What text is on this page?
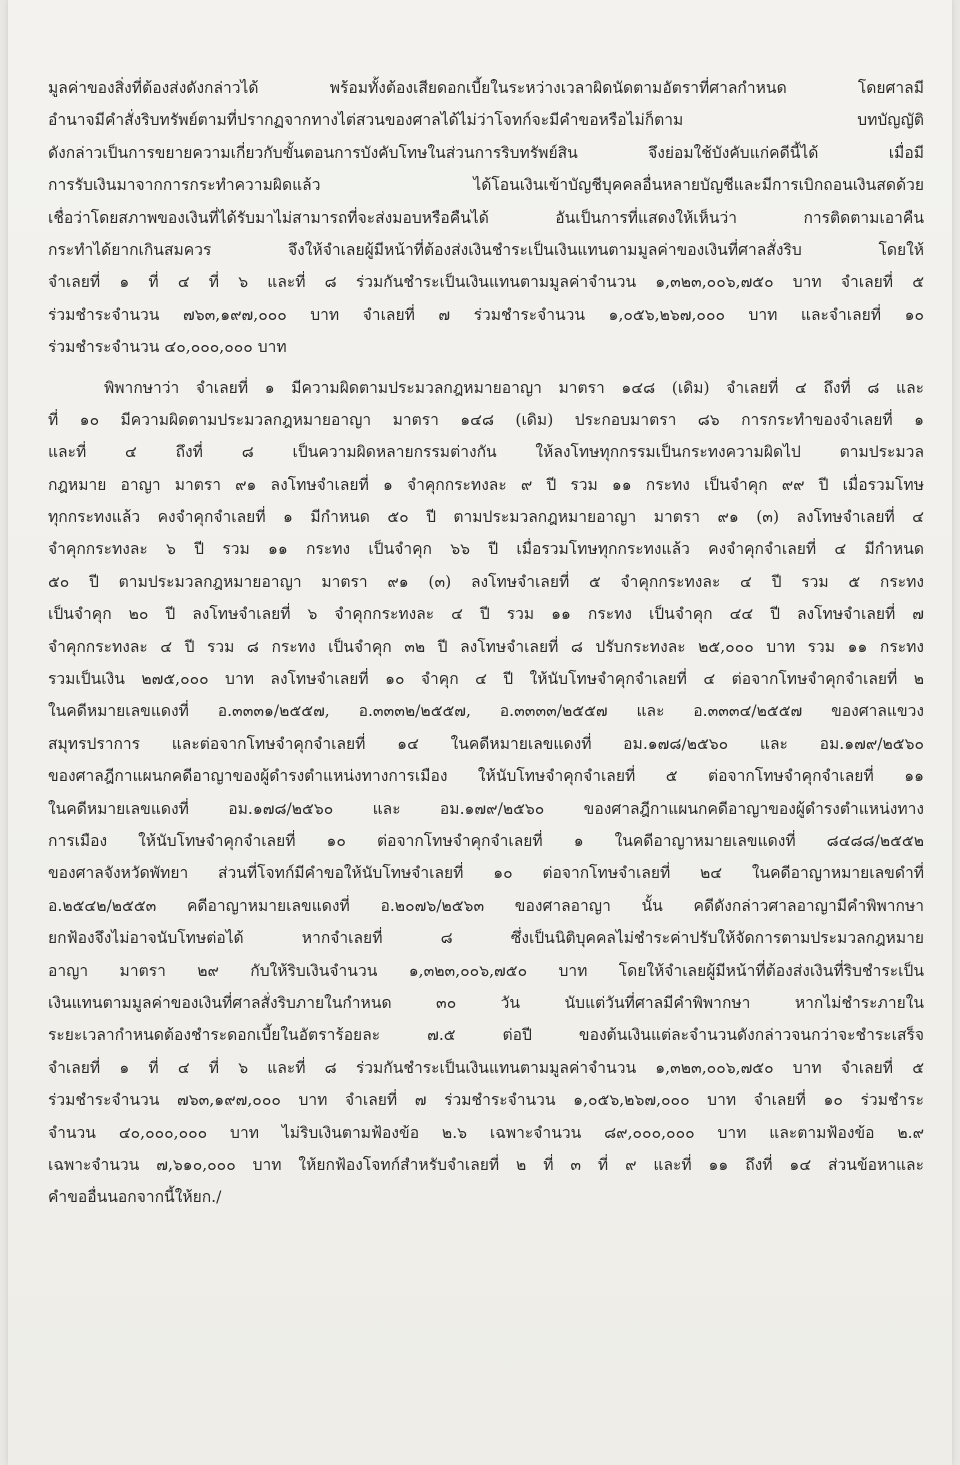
มูลค่าของสิ่งที่ต้องส่งดังกล่าวได้ พร้อมทั้งต้องเสียดอกเบี้ยในระหว่างเวลาผิดนัดตามอัตราที่ศาลกำหนด โดยศาลมี
อำนาจมีคำสั่งริบทรัพย์ตามที่ปรากฏจากทางไต่สวนของศาลได้ไม่ว่าโจทก์จะมีคำขอหรือไม่ก็ตาม บทบัญญัติ
ดังกล่าวเป็นการขยายความเกี่ยวกับขั้นตอนการบังคับโทษในส่วนการริบทรัพย์สิน จึงย่อมใช้บังคับแก่คดีนี้ได้ เมื่อมี
การรับเงินมาจากการกระทำความผิดแล้ว ได้โอนเงินเข้าบัญชีบุคคลอื่นหลายบัญชีและมีการเบิกถอนเงินสดด้วย
เชื่อว่าโดยสภาพของเงินที่ได้รับมาไม่สามารถที่จะส่งมอบหรือคืนได้ อันเป็นการที่แสดงให้เห็นว่า การติดตามเอาคืน
กระทำได้ยากเกินสมควร จึงให้จำเลยผู้มีหน้าที่ต้องส่งเงินชำระเป็นเงินแทนตามมูลค่าของเงินที่ศาลสั่งริบ โดยให้
จำเลยที่ ๑ ที่ ๔ ที่ ๖ และที่ ๘ ร่วมกันชำระเป็นเงินแทนตามมูลค่าจำนวน ๑,๓๒๓,๐๐๖,๗๕๐ บาท จำเลยที่ ๕
ร่วมชำระจำนวน ๗๖๓,๑๙๗,๐๐๐ บาท จำเลยที่ ๗ ร่วมชำระจำนวน ๑,๐๕๖,๒๖๗,๐๐๐ บาท และจำเลยที่ ๑๐
ร่วมชำระจำนวน ๔๐,๐๐๐,๐๐๐ บาท
พิพากษาว่า จำเลยที่ ๑ มีความผิดตามประมวลกฎหมายอาญา มาตรา ๑๔๘ (เดิม) จำเลยที่ ๔ ถึงที่ ๘ และ
ที่ ๑๐ มีความผิดตามประมวลกฎหมายอาญา มาตรา ๑๔๘ (เดิม) ประกอบมาตรา ๘๖ การกระทำของจำเลยที่ ๑
และที่ ๔ ถึงที่ ๘ เป็นความผิดหลายกรรมต่างกัน ให้ลงโทษทุกกรรมเป็นกระทงความผิดไป ตามประมวล
กฎหมาย อาญา มาตรา ๙๑ ลงโทษจำเลยที่ ๑ จำคุกกระทงละ ๙ ปี รวม ๑๑ กระทง เป็นจำคุก ๙๙ ปี เมื่อรวมโทษ
ทุกกระทงแล้ว คงจำคุกจำเลยที่ ๑ มีกำหนด ๕๐ ปี ตามประมวลกฎหมายอาญา มาตรา ๙๑ (๓) ลงโทษจำเลยที่ ๔
จำคุกกระทงละ ๖ ปี รวม ๑๑ กระทง เป็นจำคุก ๖๖ ปี เมื่อรวมโทษทุกกระทงแล้ว คงจำคุกจำเลยที่ ๔ มีกำหนด
๕๐ ปี ตามประมวลกฎหมายอาญา มาตรา ๙๑ (๓) ลงโทษจำเลยที่ ๕ จำคุกกระทงละ ๔ ปี รวม ๕ กระทง
เป็นจำคุก ๒๐ ปี ลงโทษจำเลยที่ ๖ จำคุกกระทงละ ๔ ปี รวม ๑๑ กระทง เป็นจำคุก ๔๔ ปี ลงโทษจำเลยที่ ๗
จำคุกกระทงละ ๔ ปี รวม ๘ กระทง เป็นจำคุก ๓๒ ปี ลงโทษจำเลยที่ ๘ ปรับกระทงละ ๒๕,๐๐๐ บาท รวม ๑๑ กระทง
รวมเป็นเงิน ๒๗๕,๐๐๐ บาท ลงโทษจำเลยที่ ๑๐ จำคุก ๔ ปี ให้นับโทษจำคุกจำเลยที่ ๔ ต่อจากโทษจำคุกจำเลยที่ ๒
ในคดีหมายเลขแดงที่ อ.๓๓๓๑/๒๕๕๗, อ.๓๓๓๒/๒๕๕๗, อ.๓๓๓๓/๒๕๕๗ และ อ.๓๓๓๔/๒๕๕๗ ของศาลแขวง
สมุทรปราการ และต่อจากโทษจำคุกจำเลยที่ ๑๔ ในคดีหมายเลขแดงที่ อม.๑๗๘/๒๕๖๐ และ อม.๑๗๙/๒๕๖๐
ของศาลฎีกาแผนกคดีอาญาของผู้ดำรงตำแหน่งทางการเมือง ให้นับโทษจำคุกจำเลยที่ ๕ ต่อจากโทษจำคุกจำเลยที่ ๑๑
ในคดีหมายเลขแดงที่ อม.๑๗๘/๒๕๖๐ และ อม.๑๗๙/๒๕๖๐ ของศาลฎีกาแผนกคดีอาญาของผู้ดำรงตำแหน่งทาง
การเมือง ให้นับโทษจำคุกจำเลยที่ ๑๐ ต่อจากโทษจำคุกจำเลยที่ ๑ ในคดีอาญาหมายเลขแดงที่ ๘๔๘๘/๒๕๕๒
ของศาลจังหวัดพัทยา ส่วนที่โจทก์มีคำขอให้นับโทษจำเลยที่ ๑๐ ต่อจากโทษจำเลยที่ ๒๔ ในคดีอาญาหมายเลขดำที่
อ.๒๕๔๒/๒๕๕๓ คดีอาญาหมายเลขแดงที่ อ.๒๐๗๖/๒๕๖๓ ของศาลอาญา นั้น คดีดังกล่าวศาลอาญามีคำพิพากษา
ยกฟ้องจึงไม่อาจนับโทษต่อได้ หากจำเลยที่ ๘ ซึ่งเป็นนิติบุคคลไม่ชำระค่าปรับให้จัดการตามประมวลกฎหมาย
อาญา มาตรา ๒๙ กับให้ริบเงินจำนวน ๑,๓๒๓,๐๐๖,๗๕๐ บาท โดยให้จำเลยผู้มีหน้าที่ต้องส่งเงินที่ริบชำระเป็น
เงินแทนตามมูลค่าของเงินที่ศาลสั่งริบภายในกำหนด ๓๐ วัน นับแต่วันที่ศาลมีคำพิพากษา หากไม่ชำระภายใน
ระยะเวลากำหนดต้องชำระดอกเบี้ยในอัตราร้อยละ ๗.๕ ต่อปี ของต้นเงินแต่ละจำนวนดังกล่าวจนกว่าจะชำระเสร็จ
จำเลยที่ ๑ ที่ ๔ ที่ ๖ และที่ ๘ ร่วมกันชำระเป็นเงินแทนตามมูลค่าจำนวน ๑,๓๒๓,๐๐๖,๗๕๐ บาท จำเลยที่ ๕
ร่วมชำระจำนวน ๗๖๓,๑๙๗,๐๐๐ บาท จำเลยที่ ๗ ร่วมชำระจำนวน ๑,๐๕๖,๒๖๗,๐๐๐ บาท จำเลยที่ ๑๐ ร่วมชำระ
จำนวน ๔๐,๐๐๐,๐๐๐ บาท ไม่ริบเงินตามฟ้องข้อ ๒.๖ เฉพาะจำนวน ๘๙,๐๐๐,๐๐๐ บาท และตามฟ้องข้อ ๒.๙
เฉพาะจำนวน ๗,๖๑๐,๐๐๐ บาท ให้ยกฟ้องโจทก์สำหรับจำเลยที่ ๒ ที่ ๓ ที่ ๙ และที่ ๑๑ ถึงที่ ๑๔ ส่วนข้อหาและ
คำขออื่นนอกจากนี้ให้ยก./
